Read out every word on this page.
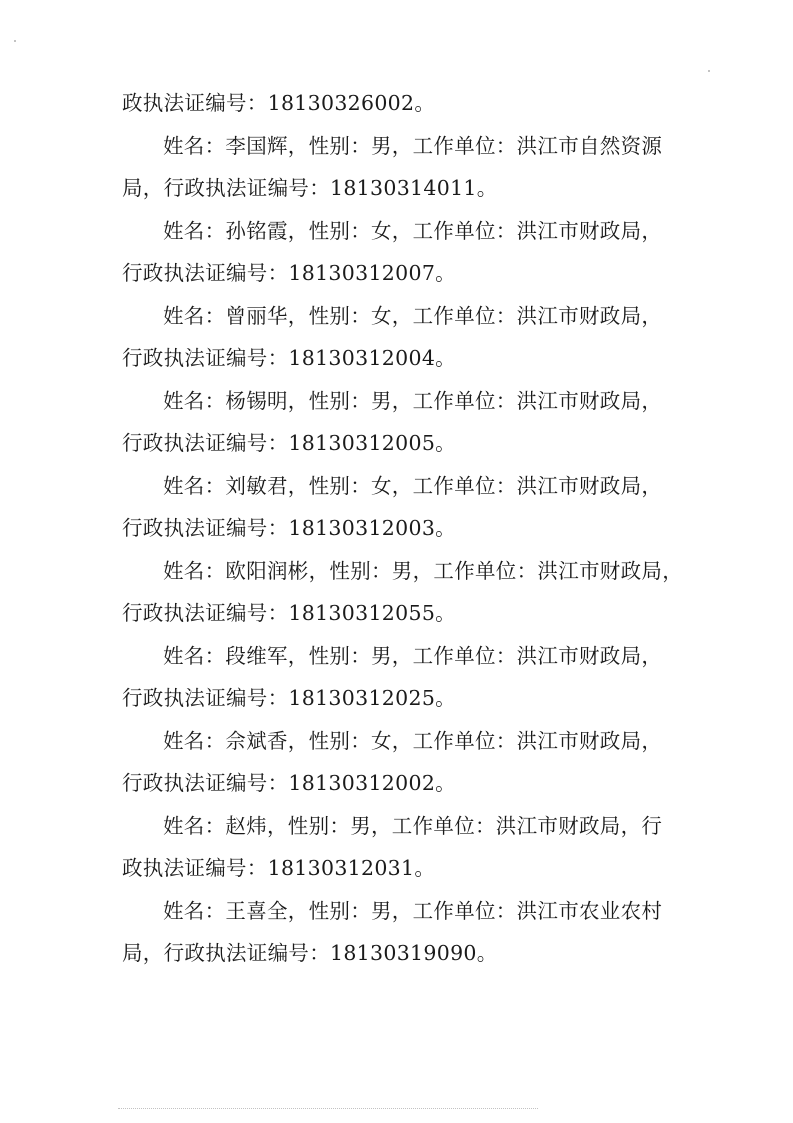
政执法证编号：18130326002。
姓名：李国辉，性别：男，工作单位：洪江市自然资源
局，行政执法证编号：18130314011。
姓名：孙铭霞，性别：女，工作单位：洪江市财政局，
行政执法证编号：18130312007。
姓名：曾丽华，性别：女，工作单位：洪江市财政局，
行政执法证编号：18130312004。
姓名：杨锡明，性别：男，工作单位：洪江市财政局，
行政执法证编号：18130312005。
姓名：刘敏君，性别：女，工作单位：洪江市财政局，
行政执法证编号：18130312003。
姓名：欧阳润彬，性别：男，工作单位：洪江市财政局，
行政执法证编号：18130312055。
姓名：段维军，性别：男，工作单位：洪江市财政局，
行政执法证编号：18130312025。
姓名：佘斌香，性别：女，工作单位：洪江市财政局，
行政执法证编号：18130312002。
姓名：赵炜，性别：男，工作单位：洪江市财政局，行
政执法证编号：18130312031。
姓名：王喜全，性别：男，工作单位：洪江市农业农村
局，行政执法证编号：18130319090。
